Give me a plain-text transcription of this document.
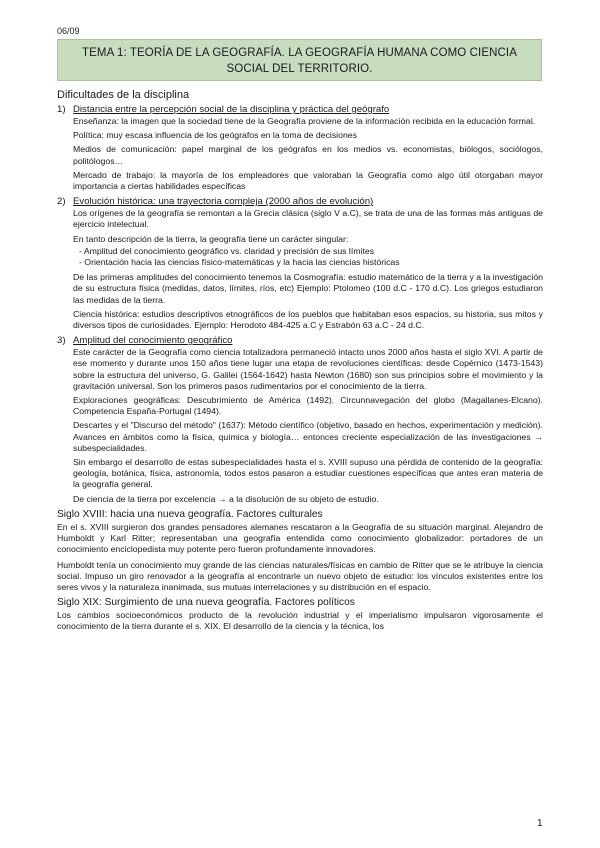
06/09
TEMA 1: TEORÍA DE LA GEOGRAFÍA. LA GEOGRAFÍA HUMANA COMO CIENCIA
SOCIAL DEL TERRITORIO.
Dificultades de la disciplina
1) Distancia entre la percepción social de la disciplina y práctica del geógrafo

Enseñanza: la imagen que la sociedad tiene de la Geografía proviene de la información recibida en la educación formal.

Política: muy escasa influencia de los geógrafos en la toma de decisiones

Medios de comunicación: papel marginal de los geógrafos en los medios vs. economistas, biólogos, sociólogos, politólogos…

Mercado de trabajo: la mayoría de los empleadores que valoraban la Geografía como algo útil otorgaban mayor importancia a ciertas habilidades específicas

2) Evolución histórica: una trayectoria compleja (2000 años de evolución)

Los orígenes de la geografía se remontan a la Grecia clásica (siglo V a.C), se trata de una de las formas más antiguas de ejercicio intelectual.

En tanto descripción de la tierra, la geografía tiene un carácter singular:

- Amplitud del conocimiento geográfico vs. claridad y precisión de sus límites
- Orientación hacia las ciencias físico-matemáticas y la hacia las ciencias históricas

De las primeras amplitudes del conocimiento tenemos la Cosmografía: estudio matemático de la tierra y a la investigación de su estructura física (medidas, datos, límites, ríos, etc) Ejemplo: Ptolomeo (100 d.C - 170 d.C). Los griegos estudiaron las medidas de la tierra.

Ciencia histórica: estudios descriptivos etnográficos de los pueblos que habitaban esos espacios, su historia, sus mitos y diversos tipos de curiosidades. Ejemplo: Herodoto 484-425 a.C y Estrabón 63 a.C - 24 d.C.

3) Amplitud del conocimiento geográfico

Este carácter de la Geografía como ciencia totalizadora permaneció intacto unos 2000 años hasta el siglo XVI. A partir de ese momento y durante unos 150 años tiene lugar una etapa de revoluciones científicas: desde Copérnico (1473-1543) sobre la estructura del universo, G. Galilei (1564-1642) hasta Newton (1680) son sus principios sobre el movimiento y la gravitación universal. Son los primeros pasos rudimentarios por el conocimiento de la tierra.

Exploraciones geográficas: Descubrimiento de América (1492). Circunnavegación del globo (Magallanes-Elcano). Competencia España-Portugal (1494).

Descartes y el "Discurso del método" (1637): Método científico (objetivo, basado en hechos, experimentación y medición). Avances en ámbitos como la física, química y biología… entonces creciente especialización de las investigaciones → subespecialidades.

Sin embargo el desarrollo de estas subespecialidades hasta el s. XVIII supuso una pérdida de contenido de la geografía: geología, botánica, física, astronomía, todos estos pasaron a estudiar cuestiones específicas que antes eran materia de la geografía general.

De ciencia de la tierra por excelencia → a la disolución de su objeto de estudio.

Siglo XVIII: hacia una nueva geografía. Factores culturales

En el s. XVIII surgieron dos grandes pensadores alemanes rescataron a la Geografía de su situación marginal. Alejandro de Humboldt y Karl Ritter; representaban una geografía entendida como conocimiento globalizador: portadores de un conocimiento enciclopedista muy potente pero fueron profundamente innovadores.

Humboldt tenía un conocimiento muy grande de las ciencias naturales/físicas en cambio de Ritter que se le atribuye la ciencia social. Impuso un giro renovador a la geografía al encontrarle un nuevo objeto de estudio: los vínculos existentes entre los seres vivos y la naturaleza inanimada, sus mutuas interrelaciones y su distribución en el espacio.

Siglo XIX: Surgimiento de una nueva geografía. Factores políticos

Los cambios socioeconómicos producto de la revolución industrial y el imperialismo impulsaron vigorosamente el conocimiento de la tierra durante el s. XIX. El desarrollo de la ciencia y la técnica, los

1
